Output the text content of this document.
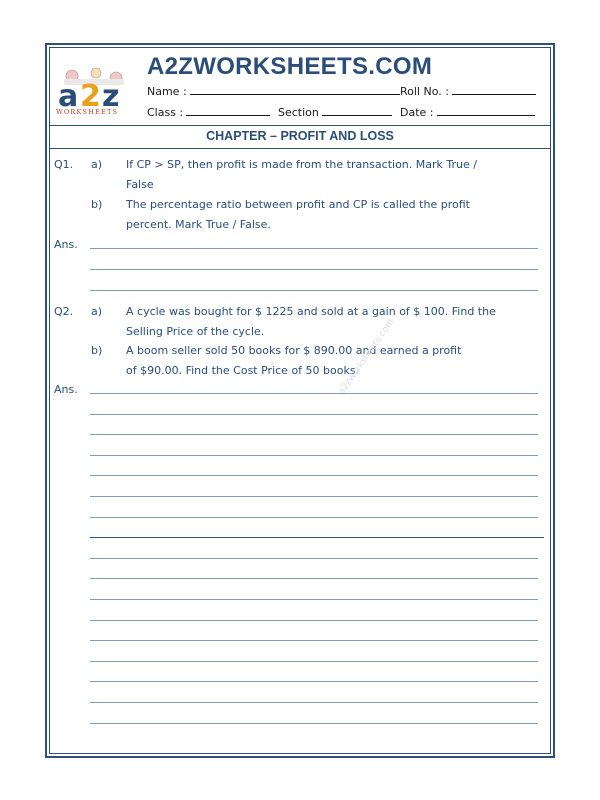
a 2 z
WORKSHEETS
A2ZWORKSHEETS.COM
Name :	Roll No. :
Class :	Section	Date :
CHAPTER – PROFIT AND LOSS
Q1. a) If CP > SP, then profit is made from the transaction. Mark True /
False
b) The percentage ratio between profit and CP is called the profit
percent. Mark True / False.
Ans.
Q2. a) A cycle was bought for $ 1225 and sold at a gain of $ 100. Find the
Selling Price of the cycle.
b) A boom seller sold 50 books for $ 890.00 and earned a profit
of $90.00. Find the Cost Price of 50 books.
a2zworksheets.com
Ans.
